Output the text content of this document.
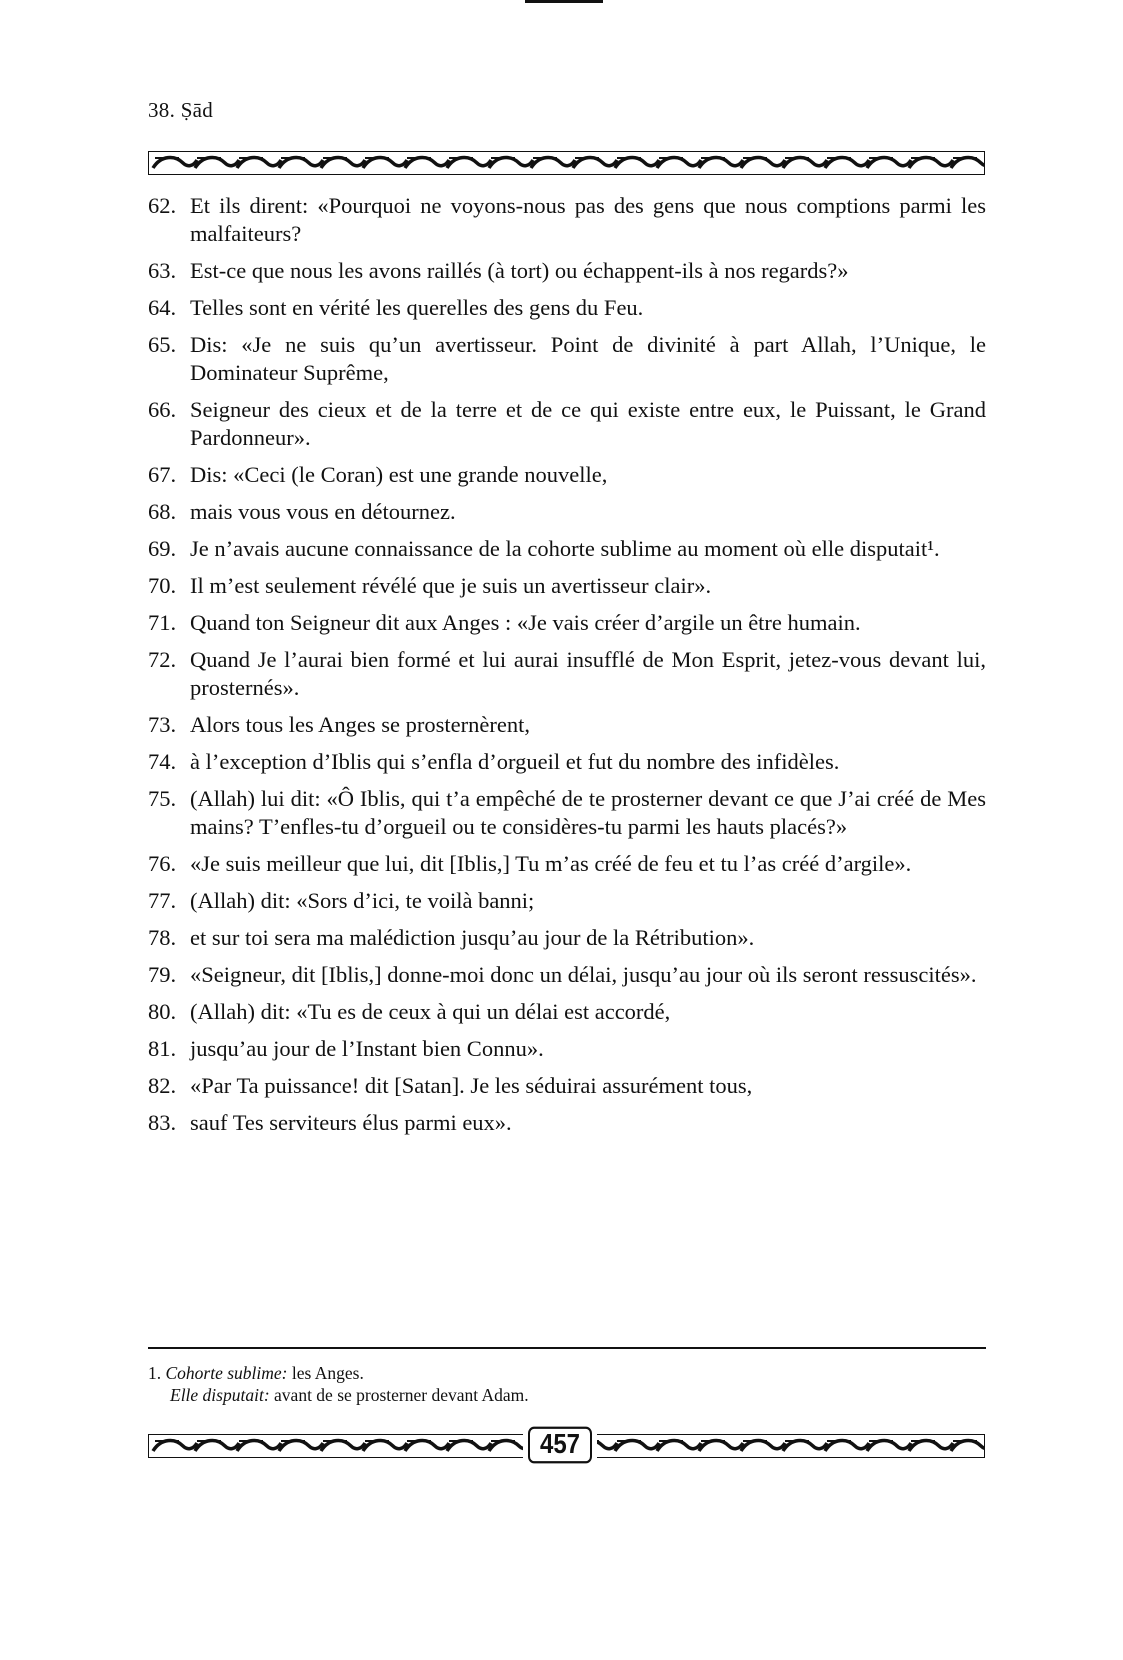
38. Ṣād
62. Et ils dirent: «Pourquoi ne voyons-nous pas des gens que nous comptions parmi les malfaiteurs?
63. Est-ce que nous les avons raillés (à tort) ou échappent-ils à nos regards?»
64. Telles sont en vérité les querelles des gens du Feu.
65. Dis: «Je ne suis qu’un avertisseur. Point de divinité à part Allah, l’Unique, le Dominateur Suprême,
66. Seigneur des cieux et de la terre et de ce qui existe entre eux, le Puissant, le Grand Pardonneur».
67. Dis: «Ceci (le Coran) est une grande nouvelle,
68. mais vous vous en détournez.
69. Je n’avais aucune connaissance de la cohorte sublime au moment où elle disputait¹.
70. Il m’est seulement révélé que je suis un avertisseur clair».
71. Quand ton Seigneur dit aux Anges : «Je vais créer d’argile un être humain.
72. Quand Je l’aurai bien formé et lui aurai insufflé de Mon Esprit, jetez-vous devant lui, prosternés».
73. Alors tous les Anges se prosternèrent,
74. à l’exception d’Iblis qui s’enfla d’orgueil et fut du nombre des infidèles.
75. (Allah) lui dit: «Ô Iblis, qui t’a empêché de te prosterner devant ce que J’ai créé de Mes mains? T’enfles-tu d’orgueil ou te considères-tu parmi les hauts placés?»
76. «Je suis meilleur que lui, dit [Iblis,] Tu m’as créé de feu et tu l’as créé d’argile».
77. (Allah) dit: «Sors d’ici, te voilà banni;
78. et sur toi sera ma malédiction jusqu’au jour de la Rétribution».
79. «Seigneur, dit [Iblis,] donne-moi donc un délai, jusqu’au jour où ils seront ressuscités».
80. (Allah) dit: «Tu es de ceux à qui un délai est accordé,
81. jusqu’au jour de l’Instant bien Connu».
82. «Par Ta puissance! dit [Satan]. Je les séduirai assurément tous,
83. sauf Tes serviteurs élus parmi eux».
1. Cohorte sublime: les Anges.
Elle disputait: avant de se prosterner devant Adam.
457
